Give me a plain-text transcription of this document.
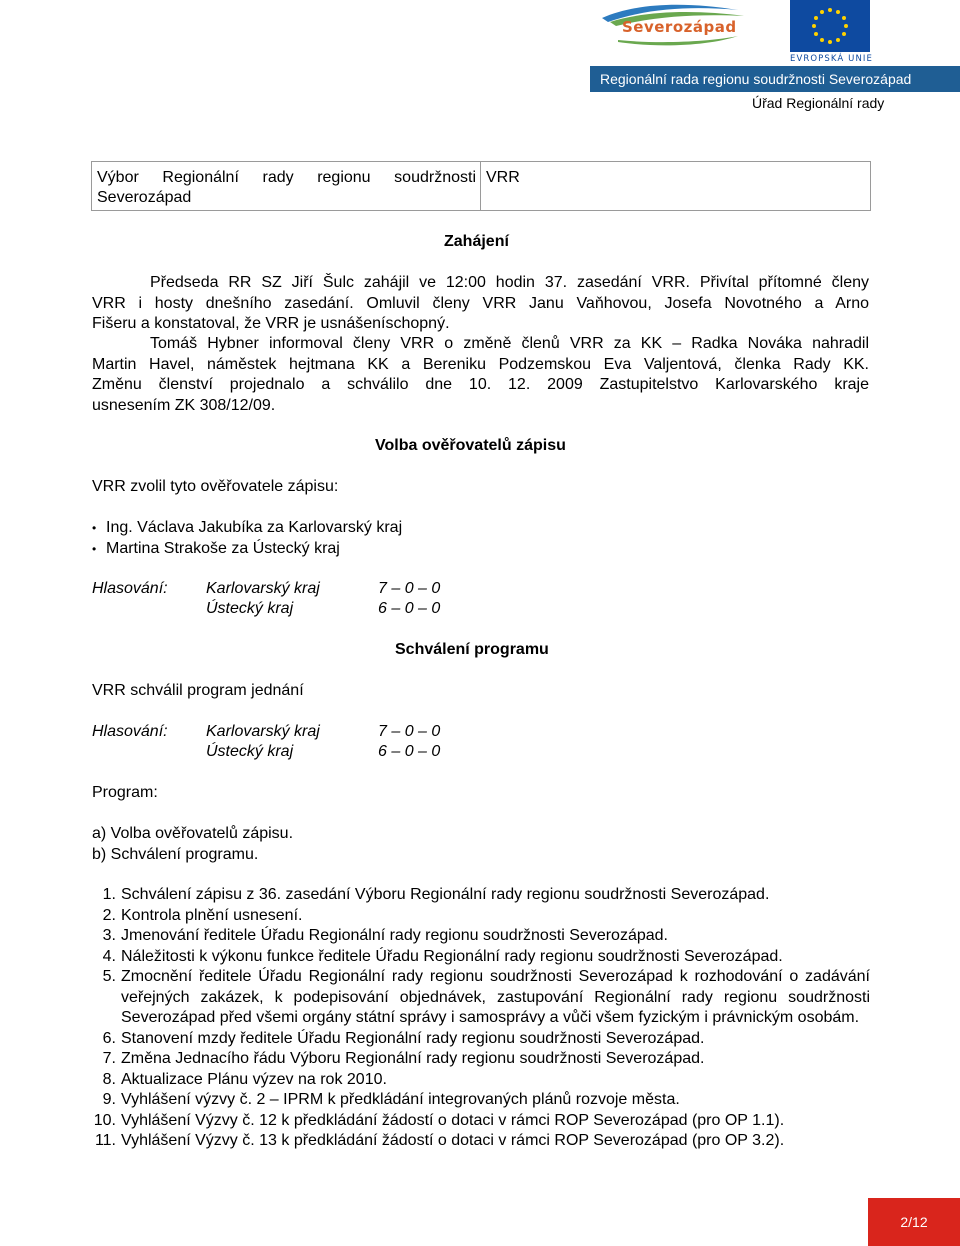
Severozápad
EVROPSKÁ UNIE
Regionální rada regionu soudržnosti Severozápad
Úřad Regionální rady
Výbor Regionální rady regionu soudržnosti Severozápad
VRR
Zahájení

Předseda RR SZ Jiří Šulc zahájil ve 12:00 hodin 37. zasedání VRR. Přivítal přítomné členy

VRR i hosty dnešního zasedání. Omluvil členy VRR Janu Vaňhovou, Josefa Novotného a Arno

Fišeru a konstatoval, že VRR je usnášeníschopný.

Tomáš Hybner informoval členy VRR o změně členů VRR za KK – Radka Nováka nahradil

Martin Havel, náměstek hejtmana KK a Bereniku Podzemskou Eva Valjentová, členka Rady KK.

Změnu členství projednalo a schválilo dne 10. 12. 2009 Zastupitelstvo Karlovarského kraje

usnesením ZK 308/12/09.

Volba ověřovatelů zápisu
VRR zvolil tyto ověřovatele zápisu:
• Ing. Václava Jakubíka za Karlovarský kraj
• Martina Strakoše za Ústecký kraj
Hlasování: Karlovarský kraj	7 – 0 – 0
Ústecký kraj	6 – 0 – 0
Schválení programu
VRR schválil program jednání
Hlasování: Karlovarský kraj	7 – 0 – 0
Ústecký kraj	6 – 0 – 0
Program:
a) Volba ověřovatelů zápisu.
b) Schválení programu.
1. Schválení zápisu z 36. zasedání Výboru Regionální rady regionu soudržnosti Severozápad.
2. Kontrola plnění usnesení.
3. Jmenování ředitele Úřadu Regionální rady regionu soudržnosti Severozápad.
4. Náležitosti k výkonu funkce ředitele Úřadu Regionální rady regionu soudržnosti Severozápad.
5. Zmocnění ředitele Úřadu Regionální rady regionu soudržnosti Severozápad k rozhodování o zadávání veřejných zakázek, k podepisování objednávek, zastupování Regionální rady regionu soudržnosti Severozápad před všemi orgány státní správy i samosprávy a vůči všem fyzickým i právnickým osobám.
6. Stanovení mzdy ředitele Úřadu Regionální rady regionu soudržnosti Severozápad.
7. Změna Jednacího řádu Výboru Regionální rady regionu soudržnosti Severozápad.
8. Aktualizace Plánu výzev na rok 2010.
9. Vyhlášení výzvy č. 2 – IPRM k předkládání integrovaných plánů rozvoje města.
10. Vyhlášení Výzvy č. 12 k předkládání žádostí o dotaci v rámci ROP Severozápad (pro OP 1.1).
11. Vyhlášení Výzvy č. 13 k předkládání žádostí o dotaci v rámci ROP Severozápad (pro OP 3.2).
2/12
